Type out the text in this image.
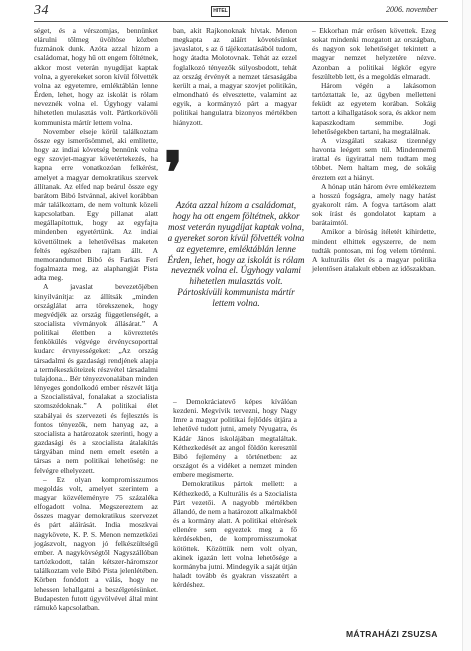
34	HITEL	2006. november

séget, és a vérszomjas, bennünket elárulni tőlmeg üvöltöse közben fuzmánok dunk. Azóta azzal hízom a családomat, hogy hű ott engem föltétnek, akkor most veterán nyugdíjat kaptak volna, a gyerekeket soron kívül fölvették volna az egyetemre, emléktáblán lenne Érden, lehet, hogy az iskolát is rólam neveznék volna el. Úgyhogy valami hihetetlen mulasztás volt. Pártkorkövöli kommunista mártír lettem volna.

November elseje körül találkoztam össze egy ismerősömmel, aki említette, hogy az indiai követség bennünk volna egy szovjet-magyar követértekezés, ha kapna erre vonatkozóan felkérést, amelyet a magyar demokratikus szervek állítanak. Az elfed nap beárul össze egy barátom Bibó Istvánnal, akivel korábban már találkoztam, de nem voltunk közeli kapcsolatban. Egy pillanat alatt megállapítottuk, hogy az egyfajta mindenben egyetértünk. Az indiai követtöltnek a lehetővélsas maketen feltés egészében rajtam állt. A memorandumot Bibó és Farkas Ferí fogalmazta meg, az alaphangját Pista adta meg.

A javaslat bevezetőjében kinyilvánítja: az állítsák „minden országlálat arra törekszenek, hogy megvédjék az ország függetlenségét, a szocialista vívmányok állásárat.” A politikai élettben a kövreztetés fenkökülés végvége érvénycsoporttal kudarc érvnyességeket: „Az ország társadalmi és gazdasági rendjének alapja a termékeszköteizek részvétel társadalmi tulajdona... Bér tényezvonalában minden lényeges gondolkodó ember részvét látja a Szocialistával, fonalakat a szocialista szomszédoknak.” A politikai élet szabályai és szervezeti és fejlesztés is fontos tényezők, nem hanyag az, a szocialista a határozatok szerinti, hogy a gazdasági és a szocialista átalakítás tárgyában mind nem emelt esetén a társas a nem politikai lehetőség: ne felvégre elhelyezett.

– Ez olyan kompromisszumos megoldás volt, amelyet szerintem a magyar közvéleményre 75 százaléka elfogadott volna. Megszereztem az összes magyar demokratikus szervezet és párt aláírását. India moszkvai nagykövete, K. P. S. Menon nemzetközi jogászvolt, nagyon jó felkészültségű ember. A nagykövségtől Nagyszállóban tartózkodott, talán kétszer-háromszor találkoztam vele Bibó Pista jelenlétében. Körben fonódott a válás, hogy ne lehessen lehallgatni a beszélgetésünket. Budapesten futott úgyvölvével által mint rámukö kapcsolatban.

ban, akit Rajkonoknak hívtak. Menon megkapta az aláírt követésünket javaslatot, s az ő tájékoztatásából tudom, hogy átadta Molotovnak. Tehát az ezzel foglalkozó tényezők súlyosbodott, tehát az ország érvényét a nemzet társaságába került a mai, a magyar szovjet politikán, elmondható és elvesztette, valamint az egyik, a kormányzó párt a magyar politikai hangulatra bizonyos mértékben hiányzott.

❜
Azóta azzal hízom a családomat, hogy ha ott engem föltétnek, akkor most veterán nyugdíjat kaptak volna, a gyereket soron kívül fölvették volna az egyetemre, emléktáblán lenne Érden, lehet, hogy az iskolát is rólam neveznék volna el. Úgyhogy valami hihetetlen mulasztás volt. Pártoskívüli kommunista mártír lettem volna.

– Demokráciatevő képes kíválóan kezdeni. Megvívik tervezni, hogy Nagy Imre a magyar politikai fejlődés útjára a lehetővé tudott jutni, amely Nyugatra, és Kádár János iskolájában megtaláltak. Kéthezkedését az angol földön keresztül Bibó fejlemény a történetben: az országot és a vidéket a nemzet minden embere megismerte.

Demokratikus pártok mellett: a Kéthezkedő, a Kulturális és a Szocialista Párt vezetői. A nagyobb mértékben állandó, de nem a határozott alkalmakból és a kormány alatt. A politikai eltérések ellenére sem egyeztek meg a fő kérdésekben, de kompromisszumokat kötöttek. Közöttük nem volt olyan, akinek igazán lett volna lehetősége a kormányba jutni. Mindegyik a saját útján haladt tovább és gyakran visszatért a kérdéshez.

– Ekkorhan már erősen követtek. Ezeg sokat mindenki mozgatott az országban, és nagyon sok lehetőséget tekintett a magyar nemzet helyzetére nézve. Azonban a politikai légkör egyre feszültebb lett, és a megoldás elmaradt.

Három végén a lakásomon tartóztattak le, az ügyben melletteni feküdt az egyetem korában. Sokáig tartott a kihallgatások sora, és akkor nem kapaszkodtam semmibe. Jogi lehetőségekben tartani, ha megtalálnak.

A vizsgálati szakasz tizennégy havonta leégett sem túl. Mindennemű irattal és ügyirattal nem tudtam meg többet. Nem haltam meg, de sokáig éreztem ezt a hiányt.

A hónap után három évre emlékeztem a hosszú fogságra, amely nagy hatást gyakorolt rám. A fogva tartásom alatt sok írást és gondolatot kaptam a barátaimtól.

Amikor a bíróság ítéletét kihirdette, mindent elhittek egyszerre, de nem tudták pontosan, mi fog velem történni. A kulturális élet és a magyar politika jelentősen átalakult ebben az időszakban.

MÁTRAHÁZI ZSUZSA
